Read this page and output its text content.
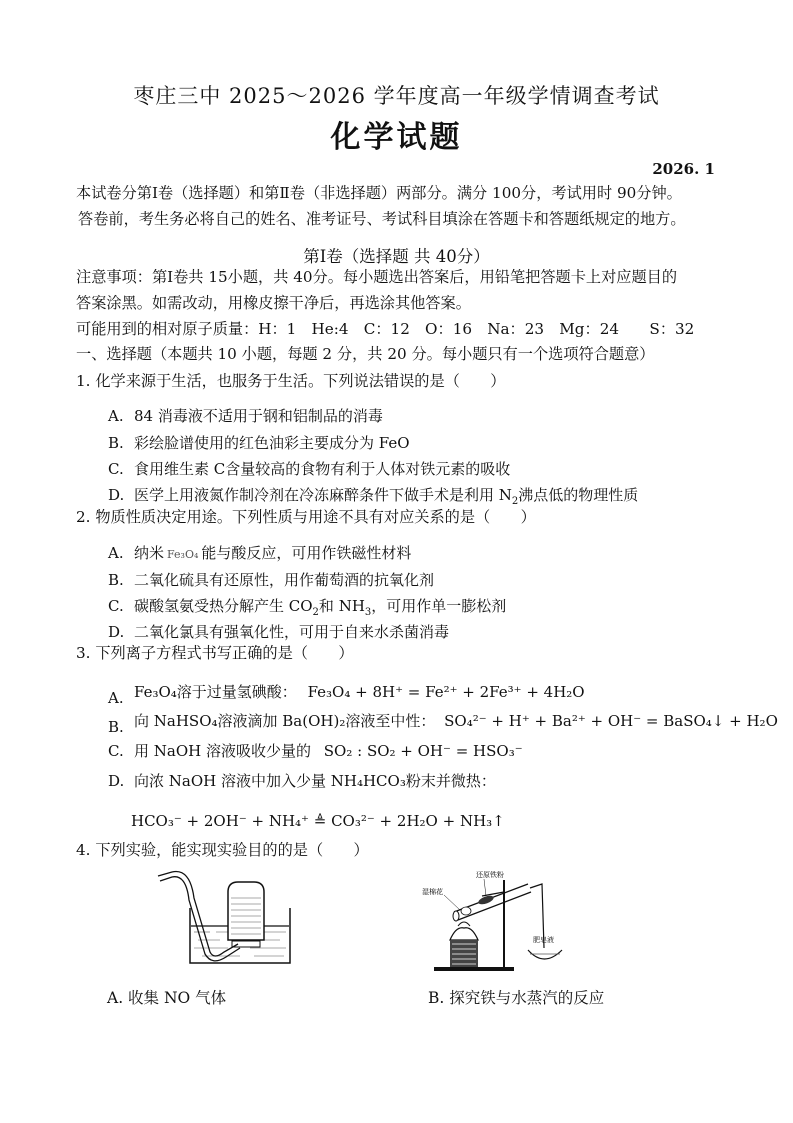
枣庄三中 2025～2026 学年度高一年级学情调查考试
化学试题
2026. 1
本试卷分第Ⅰ卷（选择题）和第Ⅱ卷（非选择题）两部分。满分 100分，考试用时 90分钟。
答卷前，考生务必将自己的姓名、准考证号、考试科目填涂在答题卡和答题纸规定的地方。
第Ⅰ卷（选择题 共 40分）
注意事项：第Ⅰ卷共 15小题，共 40分。每小题选出答案后，用铅笔把答题卡上对应题目的
答案涂黑。如需改动，用橡皮擦干净后，再选涂其他答案。
可能用到的相对原子质量：H：1　He:4　C：12　O：16　Na：23　Mg：24　　S：32
一、选择题（本题共 10 小题，每题 2 分，共 20 分。每小题只有一个选项符合题意）
1. 化学来源于生活，也服务于生活。下列说法错误的是（　　）
A. 84 消毒液不适用于钢和铝制品的消毒
B. 彩绘脸谱使用的红色油彩主要成分为 FeO
C. 食用维生素 C含量较高的食物有利于人体对铁元素的吸收
D. 医学上用液氮作制冷剂在冷冻麻醉条件下做手术是利用 $N_2$沸点低的物理性质
2. 物质性质决定用途。下列性质与用途不具有对应关系的是（　　）
A. 纳米 Fe₃O₄ 能与酸反应，可用作铁磁性材料
B. 二氧化硫具有还原性，用作葡萄酒的抗氧化剂
C. 碳酸氢氨受热分解产生 $CO_2$和 $NH_3$，可用作单一膨松剂
D. 二氧化氯具有强氧化性，可用于自来水杀菌消毒
3. 下列离子方程式书写正确的是（　　）
A. Fe₃O₄溶于过量氢碘酸： Fe₃O₄ + 8H⁺ = Fe²⁺ + 2Fe³⁺ + 4H₂O
B. 向 NaHSO₄溶液滴加 Ba(OH)₂溶液至中性： SO₄²⁻ + H⁺ + Ba²⁺ + OH⁻ = BaSO₄↓ + H₂O
C. 用 NaOH 溶液吸收少量的 SO₂ : SO₂ + OH⁻ = HSO₃⁻
D. 向浓 NaOH 溶液中加入少量 NH₄HCO₃粉末并微热：
HCO₃⁻ + 2OH⁻ + NH₄⁺ ≜ CO₃²⁻ + 2H₂O + NH₃↑
4. 下列实验，能实现实验目的的是（　　）
A. 收集 NO 气体
湿棉花
还原铁粉
肥皂液
B. 探究铁与水蒸汽的反应
